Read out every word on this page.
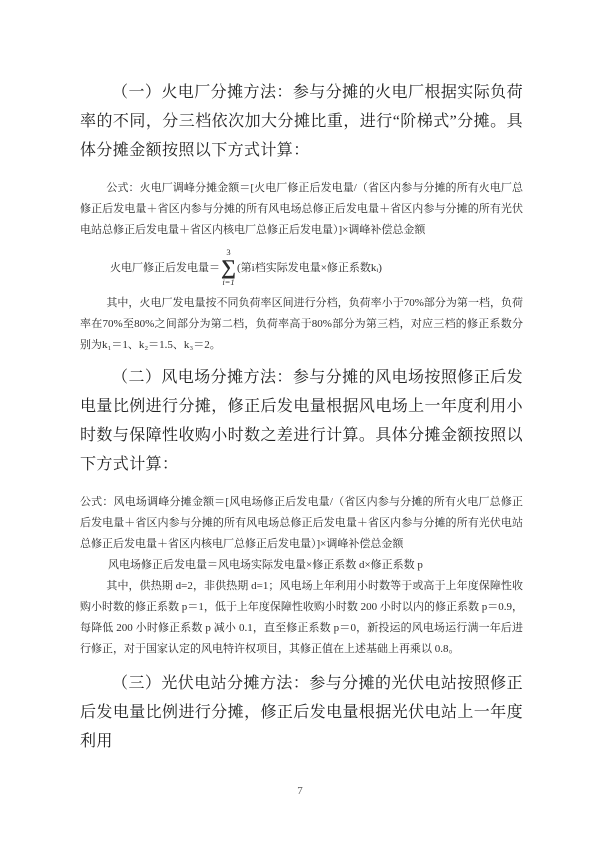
（一）火电厂分摊方法：参与分摊的火电厂根据实际负荷率的不同，分三档依次加大分摊比重，进行“阶梯式”分摊。具体分摊金额按照以下方式计算：

公式：火电厂调峰分摊金额＝[火电厂修正后发电量/（省区内参与分摊的所有火电厂总修正后发电量＋省区内参与分摊的所有风电场总修正后发电量＋省区内参与分摊的所有光伏电站总修正后发电量＋省区内核电厂总修正后发电量）]×调峰补偿总金额

火电厂修正后发电量＝
3
∑
i=1
(第i档实际发电量×修正系数kᵢ)

其中，火电厂发电量按不同负荷率区间进行分档，负荷率小于70%部分为第一档，负荷率在70%至80%之间部分为第二档，负荷率高于80%部分为第三档，对应三档的修正系数分别为k₁＝1、k₂＝1.5、k₃＝2。

（二）风电场分摊方法：参与分摊的风电场按照修正后发电量比例进行分摊，修正后发电量根据风电场上一年度利用小时数与保障性收购小时数之差进行计算。具体分摊金额按照以下方式计算：

公式：风电场调峰分摊金额＝[风电场修正后发电量/（省区内参与分摊的所有火电厂总修正后发电量＋省区内参与分摊的所有风电场总修正后发电量＋省区内参与分摊的所有光伏电站总修正后发电量＋省区内核电厂总修正后发电量）]×调峰补偿总金额

风电场修正后发电量＝风电场实际发电量×修正系数 d×修正系数 p

其中，供热期 d=2，非供热期 d=1；风电场上年利用小时数等于或高于上年度保障性收购小时数的修正系数 p＝1，低于上年度保障性收购小时数 200 小时以内的修正系数 p＝0.9，每降低 200 小时修正系数 p 减小 0.1，直至修正系数 p＝0，新投运的风电场运行满一年后进行修正，对于国家认定的风电特许权项目，其修正值在上述基础上再乘以 0.8。

（三）光伏电站分摊方法：参与分摊的光伏电站按照修正后发电量比例进行分摊，修正后发电量根据光伏电站上一年度利用

7
